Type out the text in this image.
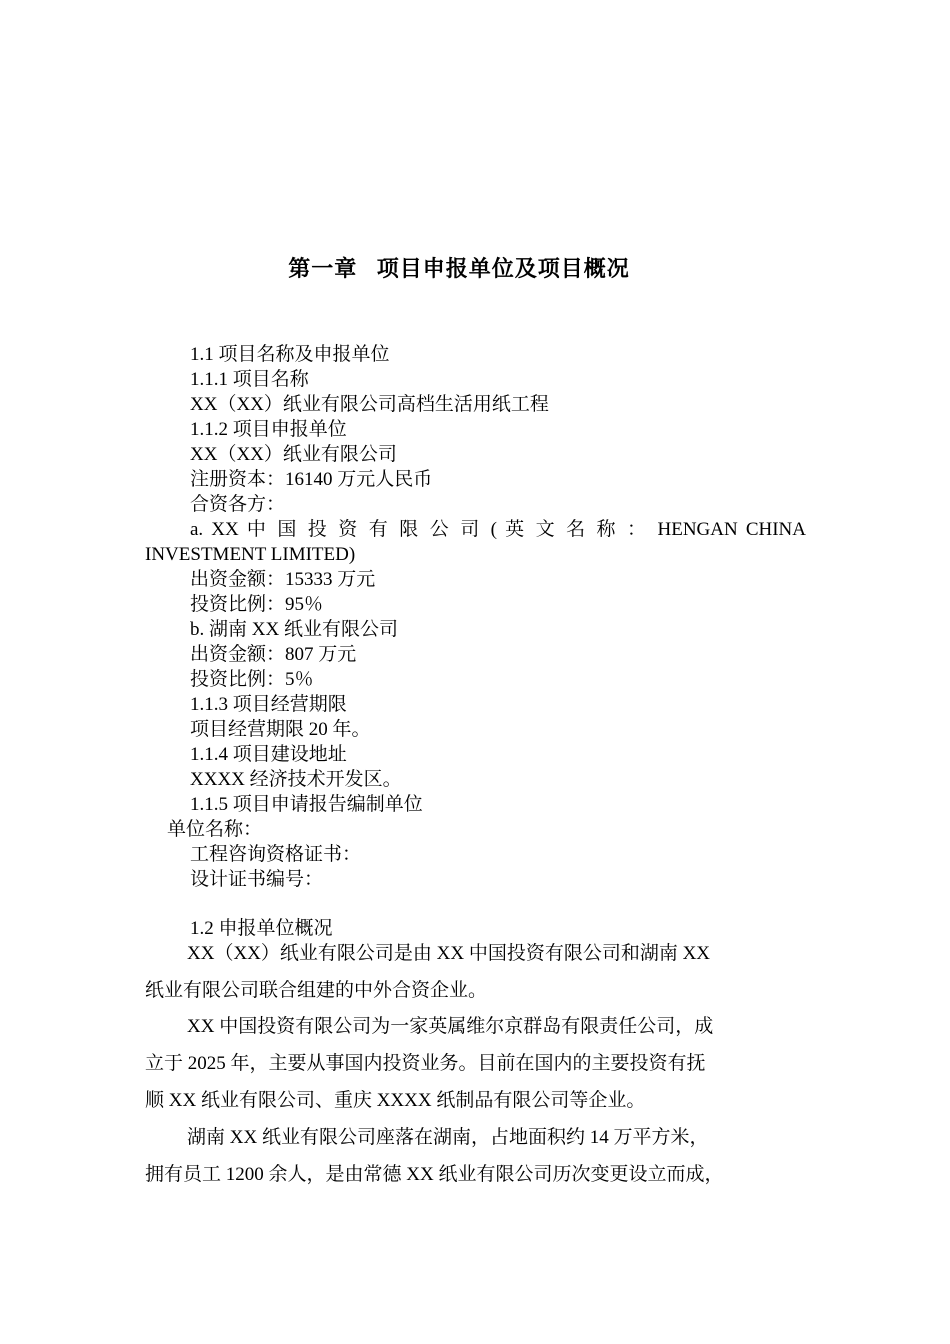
第一章   项目申报单位及项目概况
1.1 项目名称及申报单位
1.1.1 项目名称
XX（XX）纸业有限公司高档生活用纸工程
1.1.2 项目申报单位
XX（XX）纸业有限公司
注册资本：16140 万元人民币
合资各方：
a. XX 中 国 投 资 有 限 公 司 ( 英 文 名 称 ： HENGAN CHINA
INVESTMENT LIMITED)
出资金额：15333 万元
投资比例：95％
b. 湖南 XX 纸业有限公司
出资金额：807 万元
投资比例：5％
1.1.3 项目经营期限
项目经营期限 20 年。
1.1.4 项目建设地址
XXXX 经济技术开发区。
1.1.5 项目申请报告编制单位
单位名称：
工程咨询资格证书：
设计证书编号：
1.2 申报单位概况
XX（XX）纸业有限公司是由 XX 中国投资有限公司和湖南 XX
纸业有限公司联合组建的中外合资企业。
XX 中国投资有限公司为一家英属维尔京群岛有限责任公司，成
立于 2025 年，主要从事国内投资业务。目前在国内的主要投资有抚
顺 XX 纸业有限公司、重庆 XXXX 纸制品有限公司等企业。
湖南 XX 纸业有限公司座落在湖南，占地面积约 14 万平方米，
拥有员工 1200 余人，是由常德 XX 纸业有限公司历次变更设立而成，
